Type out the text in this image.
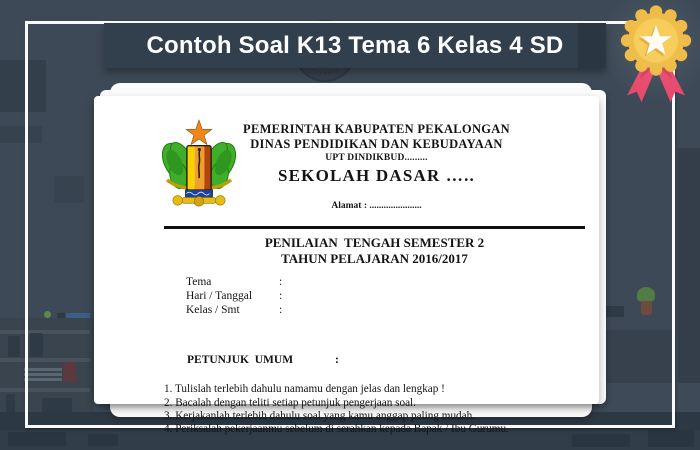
PEMERINTAH KABUPATEN PEKALONGAN
DINAS PENDIDIKAN DAN KEBUDAYAAN
UPT DINDIKBUD.........
SEKOLAH DASAR …..
Alamat : ......................
PENILAIAN  TENGAH SEMESTER 2
TAHUN PELAJARAN 2016/2017
Tema	:
Hari / Tanggal :
Kelas / Smt	:

PETUNJUK  UMUM	:

1. Tulislah terlebih dahulu namamu dengan jelas dan lengkap !
2. Bacalah dengan teliti setiap petunjuk pengerjaan soal.
3. Kerjakanlah terlebih dahulu soal yang kamu anggap paling mudah.
4. Periksalah pekerjaanmu sebelum di serahkan kepada Bapak / Ibu Gurumu.
Contoh Soal K13 Tema 6 Kelas 4 SD
